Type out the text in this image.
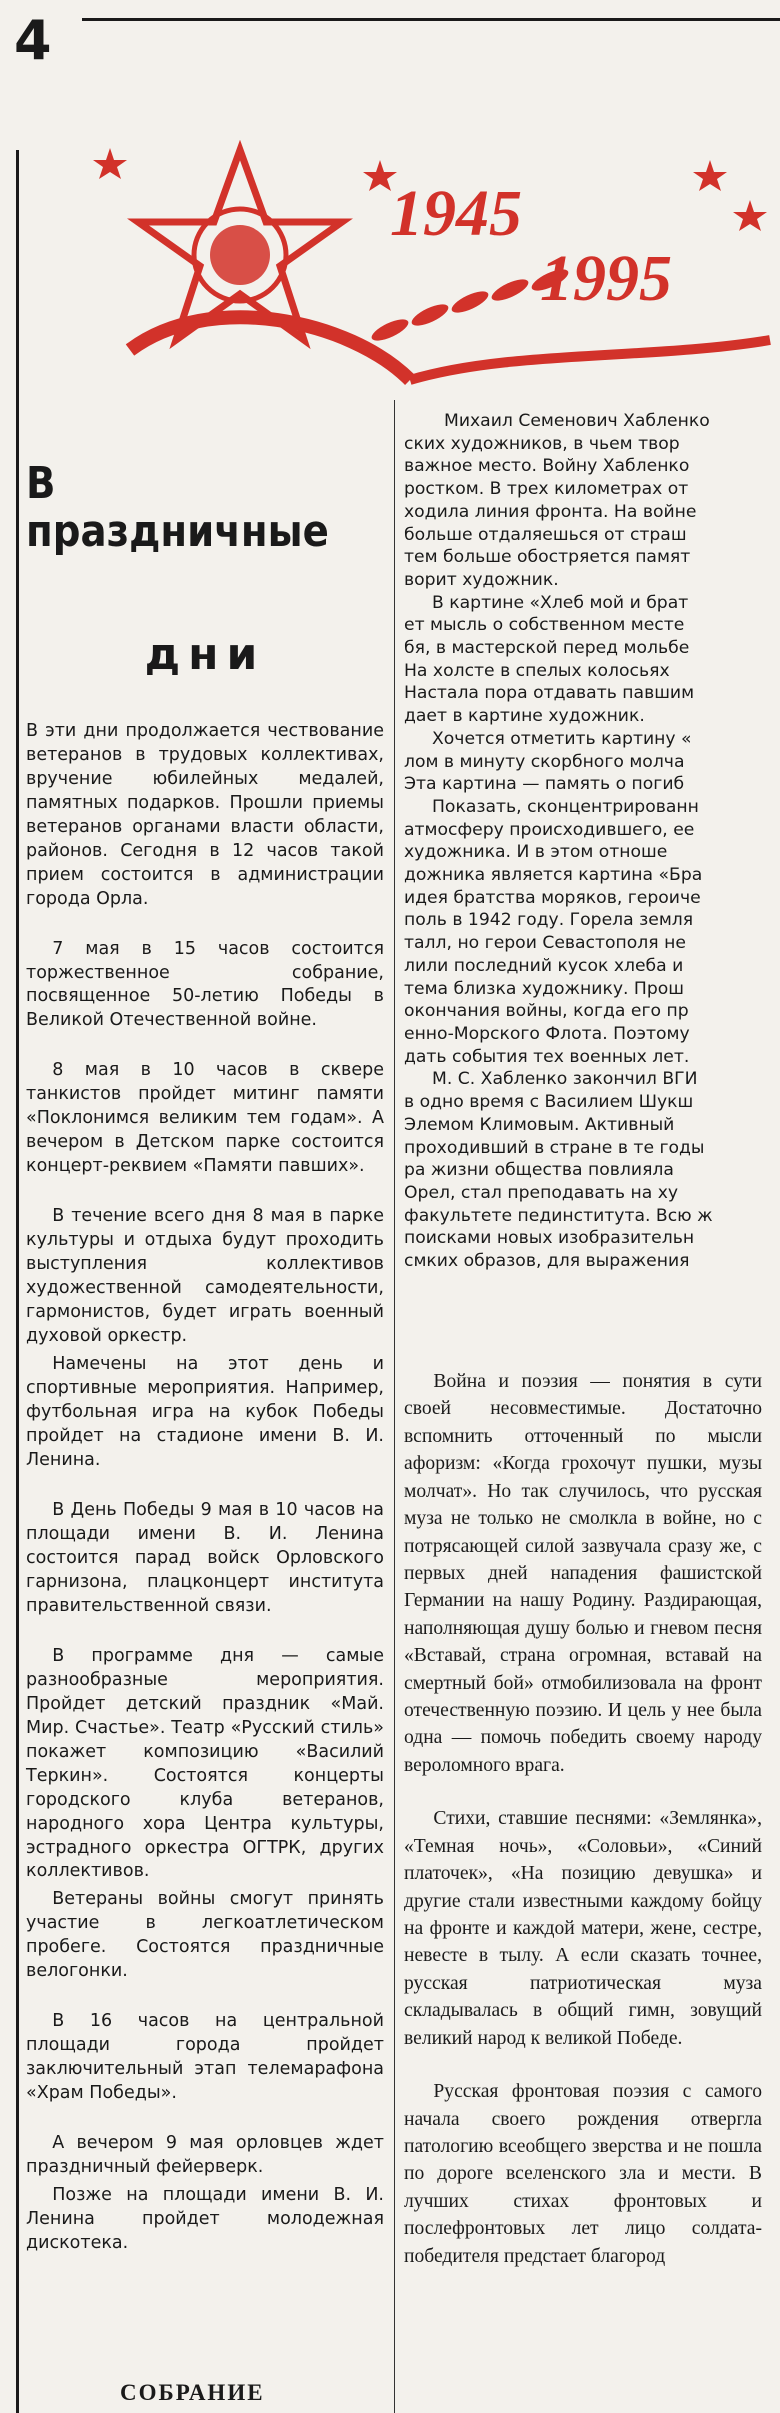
4
1945
1995
В праздничные
дни

В эти дни продолжается чествование ветеранов в трудовых коллективах, вручение юбилейных медалей, памятных подарков. Прошли приемы ветеранов органами власти области, районов. Сегодня в 12 часов такой прием состоится в администрации города Орла.

7 мая в 15 часов состоится торжественное собрание, посвященное 50-летию Победы в Великой Отечественной войне.

8 мая в 10 часов в сквере танкистов пройдет митинг памяти «Поклонимся великим тем годам». А вечером в Детском парке состоится концерт-реквием «Памяти павших».

В течение всего дня 8 мая в парке культуры и отдыха будут проходить выступления коллективов художественной самодеятельности, гармонистов, будет играть военный духовой оркестр.

Намечены на этот день и спортивные мероприятия. Например, футбольная игра на кубок Победы пройдет на стадионе имени В. И. Ленина.

В День Победы 9 мая в 10 часов на площади имени В. И. Ленина состоится парад войск Орловского гарнизона, плацконцерт института правительственной связи.

В программе дня — самые разнообразные мероприятия. Пройдет детский праздник «Май. Мир. Счастье». Театр «Русский стиль» покажет композицию «Василий Теркин». Состоятся концерты городского клуба ветеранов, народного хора Центра культуры, эстрадного оркестра ОГТРК, других коллективов.

Ветераны войны смогут принять участие в легкоатлетическом пробеге. Состоятся праздничные велогонки.

В 16 часов на центральной площади города пройдет заключительный этап телемарафона «Храм Победы».

А вечером 9 мая орловцев ждет праздничный фейерверк.

Позже на площади имени В. И. Ленина пройдет молодежная дискотека.

СОБРАНИЕ
Михаил Семенович Хабленко
ских художников, в чьем твор
важное место. Войну Хабленко
ростком. В трех километрах от
ходила линия фронта. На войне
больше отдаляешься от страш
тем больше обостряется памят
ворит художник.
В картине «Хлеб мой и брат
ет мысль о собственном месте
бя, в мастерской перед мольбе
На холсте в спелых колосьях
Настала пора отдавать павшим
дает в картине художник.
Хочется отметить картину «
лом в минуту скорбного молча
Эта картина — память о погиб
Показать, сконцентрированн
атмосферу происходившего, ее
художника. И в этом отноше
дожника является картина «Бра
идея братства моряков, героиче
поль в 1942 году. Горела земля
талл, но герои Севастополя не
лили последний кусок хлеба и
тема близка художнику. Прош
окончания войны, когда его пр
енно-Морского Флота. Поэтому
дать события тех военных лет.
М. С. Хабленко закончил ВГИ
в одно время с Василием Шукш
Элемом Климовым. Активный
проходивший в стране в те годы
ра жизни общества повлияла
Орел, стал преподавать на ху
факультете пединститута. Всю ж
поисками новых изобразительн
смких образов, для выражения

Война и поэзия — понятия в сути своей несовместимые. Достаточно вспомнить отточенный по мысли афоризм: «Когда грохочут пушки, музы молчат». Но так случилось, что русская муза не только не смолкла в войне, но с потрясающей силой зазвучала сразу же, с первых дней нападения фашистской Германии на нашу Родину. Раздирающая, наполняющая душу болью и гневом песня «Вставай, страна огромная, вставай на смертный бой» отмобилизовала на фронт отечественную поэзию. И цель у нее была одна — помочь победить своему народу вероломного врага.

Стихи, ставшие песнями: «Землянка», «Темная ночь», «Соловьи», «Синий платочек», «На позицию девушка» и другие стали известными каждому бойцу на фронте и каждой матери, жене, сестре, невесте в тылу. А если сказать точнее, русская патриотическая муза складывалась в общий гимн, зовущий великий народ к великой Победе.

Русская фронтовая поэзия с самого начала своего рождения отвергла патологию всеобщего зверства и не пошла по дороге вселенского зла и мести. В лучших стихах фронтовых и послефронтовых лет лицо солдата-победителя предстает благород
